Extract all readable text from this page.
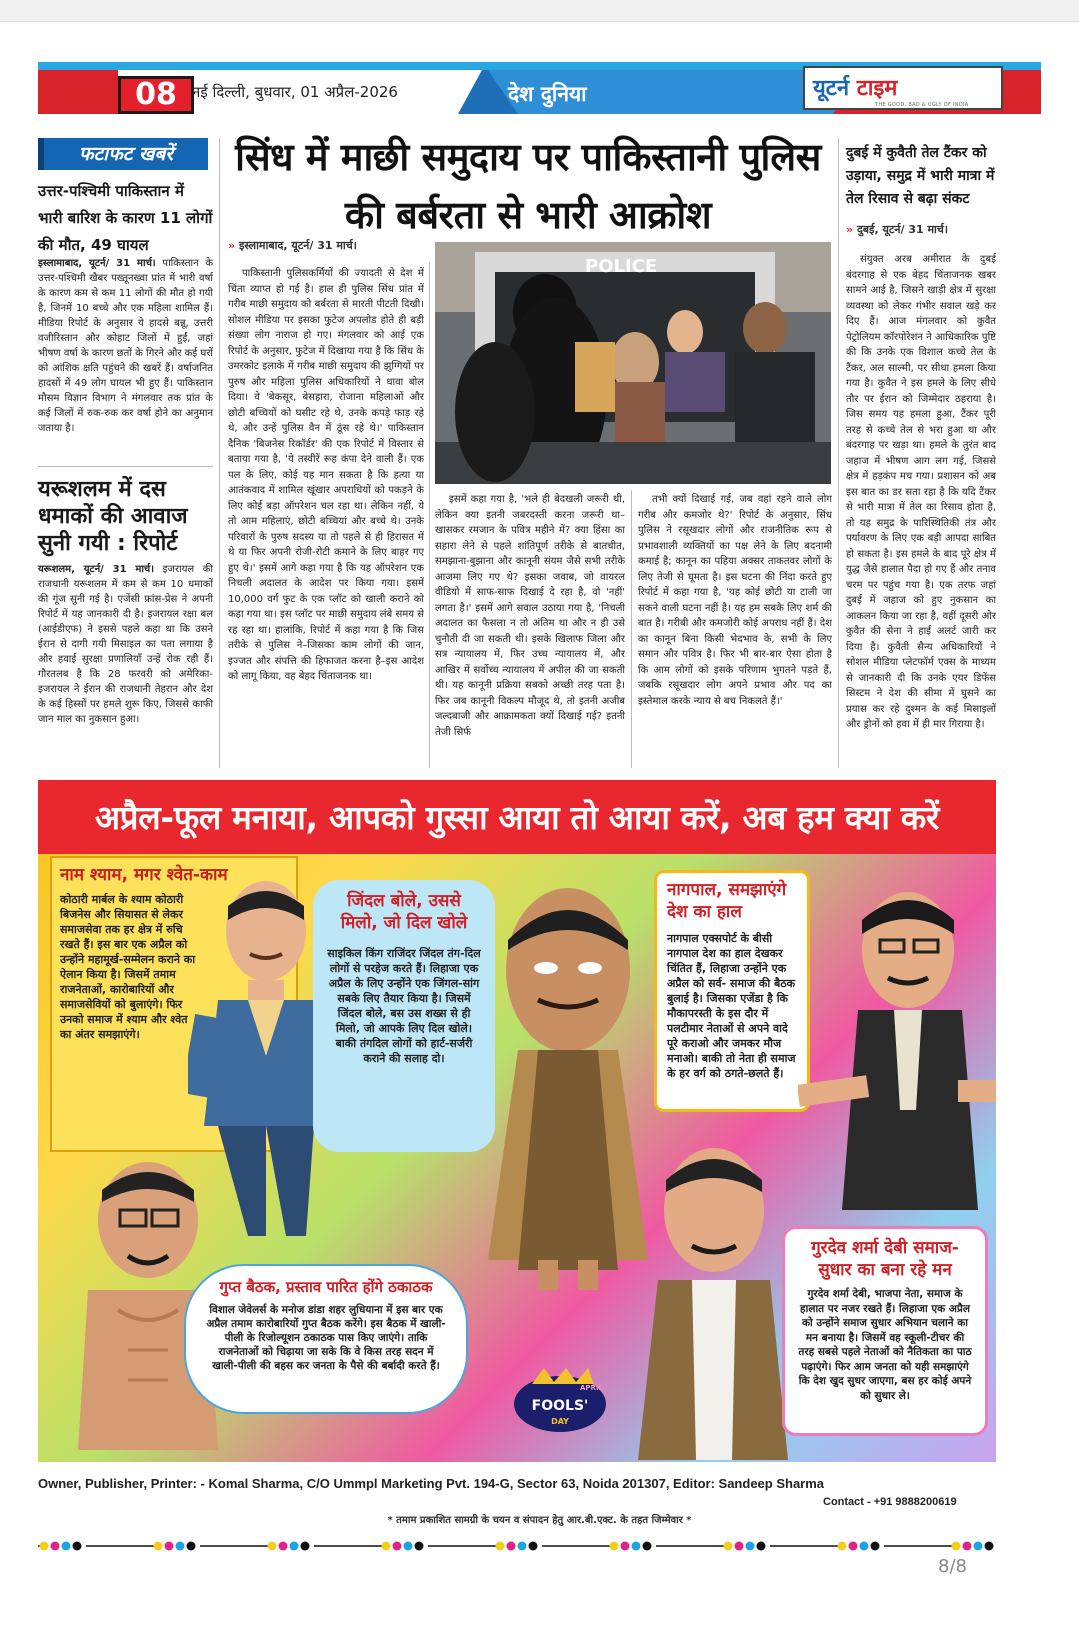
08	नई दिल्ली, बुधवार, 01 अप्रैल-2026	देश दुनिया	यूटर्न टाइम
THE GOOD, BAD & UGLY OF INDIA
फटाफट खबरें
उत्तर-पश्चिमी पाकिस्तान में भारी बारिश के कारण 11 लोगों की मौत, 49 घायल
इस्लामाबाद, यूटर्न/ 31 मार्च। पाकिस्तान के उत्तर-पश्चिमी खैबर पख्तूनख्वा प्रांत में भारी वर्षा के कारण कम से कम 11 लोगों की मौत हो गयी है, जिनमें 10 बच्चे और एक महिला शामिल हैं। मीडिया रिपोर्ट के अनुसार ये हादसे बन्नू, उत्तरी वजीरिस्तान और कोहाट जिलों में हुईं, जहां भीषण वर्षा के कारण छतों के गिरने और कई घरों को आंशिक क्षति पहुंचने की खबरें हैं। वर्षाजनित हादसों में 49 लोग घायल भी हुए हैं। पाकिस्तान मौसम विज्ञान विभाग ने मंगलवार तक प्रांत के कई जिलों में रुक-रुक कर वर्षा होने का अनुमान जताया है।
यरूशलम में दस धमाकों की आवाज सुनी गयी : रिपोर्ट
यरूशलम, यूटर्न/ 31 मार्च। इजरायल की राजधानी यरूशलम में कम से कम 10 धमाकों की गूंज सुनी गई है। एजेंसी फ्रांस-प्रेस ने अपनी रिपोर्ट में यह जानकारी दी है। इजरायल रक्षा बल (आईडीएफ) ने इससे पहले कहा था कि उसने ईरान से दागी गयी मिसाइल का पता लगाया है और हवाई सुरक्षा प्रणालियाँ उन्हें रोक रही हैं। गौरतलब है कि 28 फरवरी को अमेरिका-इजरायल ने ईरान की राजधानी तेहरान और देश के कई हिस्सों पर हमले शुरू किए, जिससे काफी जान माल का नुकसान हुआ।
सिंध में माछी समुदाय पर पाकिस्तानी पुलिस की बर्बरता से भारी आक्रोश
» इस्लामाबाद, यूटर्न/ 31 मार्च।
पाकिस्तानी पुलिसकर्मियों की ज्यादती से देश में चिंता व्याप्त हो गई है। हाल ही पुलिस सिंध प्रांत में गरीब माछी समुदाय को बर्बरता से मारती पीटती दिखी। सोशल मीडिया पर इसका फुटेज अपलोड होते ही बड़ी संख्या लोग नाराज हो गए। मंगलवार को आई एक रिपोर्ट के अनुसार, फुटेज में दिखाया गया है कि सिंध के उमरकोट इलाके में गरीब माछी समुदाय की झुग्गियों पर पुरुष और महिला पुलिस अधिकारियों ने धावा बोल दिया। वे 'बेकसूर, बेसहारा, रोजाना महिलाओं और छोटी बच्चियों को घसीट रहे थे, उनके कपड़े फाड़ रहे थे, और उन्हें पुलिस वैन में ठूंस रहे थे।' पाकिस्तान दैनिक 'बिजनेस रिकॉर्डर' की एक रिपोर्ट में विस्तार से बताया गया है, 'ये तस्वीरें रूह कंपा देने वाली हैं। एक पल के लिए, कोई यह मान सकता है कि हत्या या आतंकवाद में शामिल खूंखार अपराधियों को पकड़ने के लिए कोई बड़ा ऑपरेशन चल रहा था। लेकिन नहीं, ये तो आम महिलाएं, छोटी बच्चियां और बच्चे थे। उनके परिवारों के पुरुष सदस्य या तो पहले से ही हिरासत में थे या फिर अपनी रोजी-रोटी कमाने के लिए बाहर गए हुए थे।' इसमें आगे कहा गया है कि यह ऑपरेशन एक निचली अदालत के आदेश पर किया गया। इसमें 10,000 वर्ग फुट के एक प्लॉट को खाली कराने को कहा गया था। इस प्लॉट पर माछी समुदाय लंबे समय से रह रहा था। हालांकि, रिपोर्ट में कहा गया है कि जिस तरीके से पुलिस ने–जिसका काम लोगों की जान, इज्जत और संपत्ति की हिफाजत करना है–इस आदेश को लागू किया, वह बेहद चिंताजनक था।
POLICE
इसमें कहा गया है, 'भले ही बेदखली जरूरी थी, लेकिन क्या इतनी जबरदस्ती करना जरूरी था–खासकर रमजान के पवित्र महीने में? क्या हिंसा का सहारा लेने से पहले शांतिपूर्ण तरीके से बातचीत, समझाना-बुझाना और कानूनी संयम जैसे सभी तरीके आजमा लिए गए थे? इसका जवाब, जो वायरल वीडियो में साफ-साफ दिखाई दे रहा है, वो 'नहीं' लगता है।' इसमें आगे सवाल उठाया गया है, 'निचली अदालत का फैसला न तो अंतिम था और न ही उसे चुनौती दी जा सकती थी। इसके खिलाफ जिला और सत्र न्यायालय में, फिर उच्च न्यायालय में, और आखिर में सर्वोच्च न्यायालय में अपील की जा सकती थी। यह कानूनी प्रक्रिया सबको अच्छी तरह पता है। फिर जब कानूनी विकल्प मौजूद थे, तो इतनी अजीब जल्दबाजी और आक्रामकता क्यों दिखाई गई? इतनी तेजी सिर्फ
तभी क्यों दिखाई गई, जब वहां रहने वाले लोग गरीब और कमजोर थे?' रिपोर्ट के अनुसार, सिंध पुलिस ने रसूखदार लोगों और राजनीतिक रूप से प्रभावशाली व्यक्तियों का पक्ष लेने के लिए बदनामी कमाई है; कानून का पहिया अक्सर ताकतवर लोगों के लिए तेजी से घूमता है। इस घटना की निंदा करते हुए रिपोर्ट में कहा गया है, 'यह कोई छोटी या टाली जा सकने वाली घटना नहीं है। यह हम सबके लिए शर्म की बात है। गरीबी और कमजोरी कोई अपराध नहीं हैं। देश का कानून बिना किसी भेदभाव के, सभी के लिए समान और पवित्र है। फिर भी बार-बार ऐसा होता है कि आम लोगों को इसके परिणाम भुगतने पड़ते हैं, जबकि रसूखदार लोग अपने प्रभाव और पद का इस्तेमाल करके न्याय से बच निकलते हैं।'
दुबई में कुवैती तेल टैंकर को उड़ाया, समुद्र में भारी मात्रा में तेल रिसाव से बढ़ा संकट
» दुबई, यूटर्न/ 31 मार्च।
संयुक्त अरब अमीरात के दुबई बंदरगाह से एक बेहद चिंताजनक खबर सामने आई है, जिसने खाड़ी क्षेत्र में सुरक्षा व्यवस्था को लेकर गंभीर सवाल खड़े कर दिए हैं। आज मंगलवार को कुवैत पेट्रोलियम कॉरपोरेशन ने आधिकारिक पुष्टि की कि उनके एक विशाल कच्चे तेल के टैंकर, अल साल्मी, पर सीधा हमला किया गया है। कुवैत ने इस हमले के लिए सीधे तौर पर ईरान को जिम्मेदार ठहराया है। जिस समय यह हमला हुआ, टैंकर पूरी तरह से कच्चे तेल से भरा हुआ था और बंदरगाह पर खड़ा था। हमले के तुरंत बाद जहाज में भीषण आग लग गई, जिससे क्षेत्र में हड़कंप मच गया। प्रशासन को अब इस बात का डर सता रहा है कि यदि टैंकर से भारी मात्रा में तेल का रिसाव होता है, तो यह समुद्र के पारिस्थितिकी तंत्र और पर्यावरण के लिए एक बड़ी आपदा साबित हो सकता है। इस हमले के बाद पूरे क्षेत्र में युद्ध जैसे हालात पैदा हो गए हैं और तनाव चरम पर पहुंच गया है। एक तरफ जहां दुबई में जहाज को हुए नुकसान का आकलन किया जा रहा है, वहीं दूसरी ओर कुवैत की सेना ने हाई अलर्ट जारी कर दिया है। कुवैती सैन्य अधिकारियों ने सोशल मीडिया प्लेटफॉर्म एक्स के माध्यम से जानकारी दी कि उनके एयर डिफेंस सिस्टम ने देश की सीमा में घुसने का प्रयास कर रहे दुश्मन के कई मिसाइलों और ड्रोनों को हवा में ही मार गिराया है।
अप्रैल-फूल मनाया, आपको गुस्सा आया तो आया करें, अब हम क्या करें
नाम श्याम, मगर श्वेत-काम
कोठारी मार्बल के श्याम कोठारी बिजनेस और सियासत से लेकर समाजसेवा तक हर क्षेत्र में रुचि रखते हैं। इस बार एक अप्रैल को उन्होंने महामूर्ख-सम्मेलन कराने का ऐलान किया है। जिसमें तमाम राजनेताओं, कारोबारियों और समाजसेवियों को बुलाएंगे। फिर उनको समाज में श्याम और श्वेत का अंतर समझाएंगे।
जिंदल बोले, उससे मिलो, जो दिल खोले
साइकिल किंग राजिंदर जिंदल तंग-दिल लोगों से परहेज करते हैं। लिहाजा एक अप्रैल के लिए उन्होंने एक जिंगल-सांग सबके लिए तैयार किया है। जिसमें जिंदल बोले, बस उस शख्स से ही मिलो, जो आपके लिए दिल खोले। बाकी तंगदिल लोगों को हार्ट-सर्जरी कराने की सलाह दो।
नागपाल, समझाएंगे देश का हाल
नागपाल एक्सपोर्ट के बीसी नागपाल देश का हाल देखकर चिंतित हैं, लिहाजा उन्होंने एक अप्रैल को सर्व- समाज की बैठक बुलाई है। जिसका एजेंडा है कि मौकापरस्ती के इस दौर में पलटीमार नेताओं से अपने वादे पूरे कराओ और जमकर मौज मनाओ। बाकी तो नेता ही समाज के हर वर्ग को ठगते-छलते हैं।
गुप्त बैठक, प्रस्ताव पारित होंगे ठकाठक
विशाल जेवेलर्स के मनोज डांडा शहर लुधियाना में इस बार एक अप्रैल तमाम कारोबारियों गुप्त बैठक करेंगे। इस बैठक में खाली-पीली के रिजोल्यूशन ठकाठक पास किए जाएंगे। ताकि राजनेताओं को चिढ़ाया जा सके कि वे किस तरह सदन में खाली-पीली की बहस कर जनता के पैसे की बर्बादी करते हैं।
गुरदेव शर्मा देबी समाज-सुधार का बना रहे मन
गुरदेव शर्मा देबी, भाजपा नेता, समाज के हालात पर नजर रखते हैं। लिहाजा एक अप्रैल को उन्होंने समाज सुधार अभियान चलाने का मन बनाया है। जिसमें वह स्कूली-टीचर की तरह सबसे पहले नेताओं को नैतिकता का पाठ पढ़ाएंगे। फिर आम जनता को यही समझाएंगे कि देश खुद सुधर जाएगा, बस हर कोई अपने को सुधार ले।
APRIL
FOOLS'
DAY
Owner, Publisher, Printer: - Komal Sharma, C/O Ummpl Marketing Pvt. 194-G, Sector 63, Noida 201307, Editor: Sandeep Sharma
Contact - +91 9888200619
* तमाम प्रकाशित सामग्री के चयन व संपादन हेतु आर.बी.एक्ट. के तहत जिम्मेवार *
8/8
